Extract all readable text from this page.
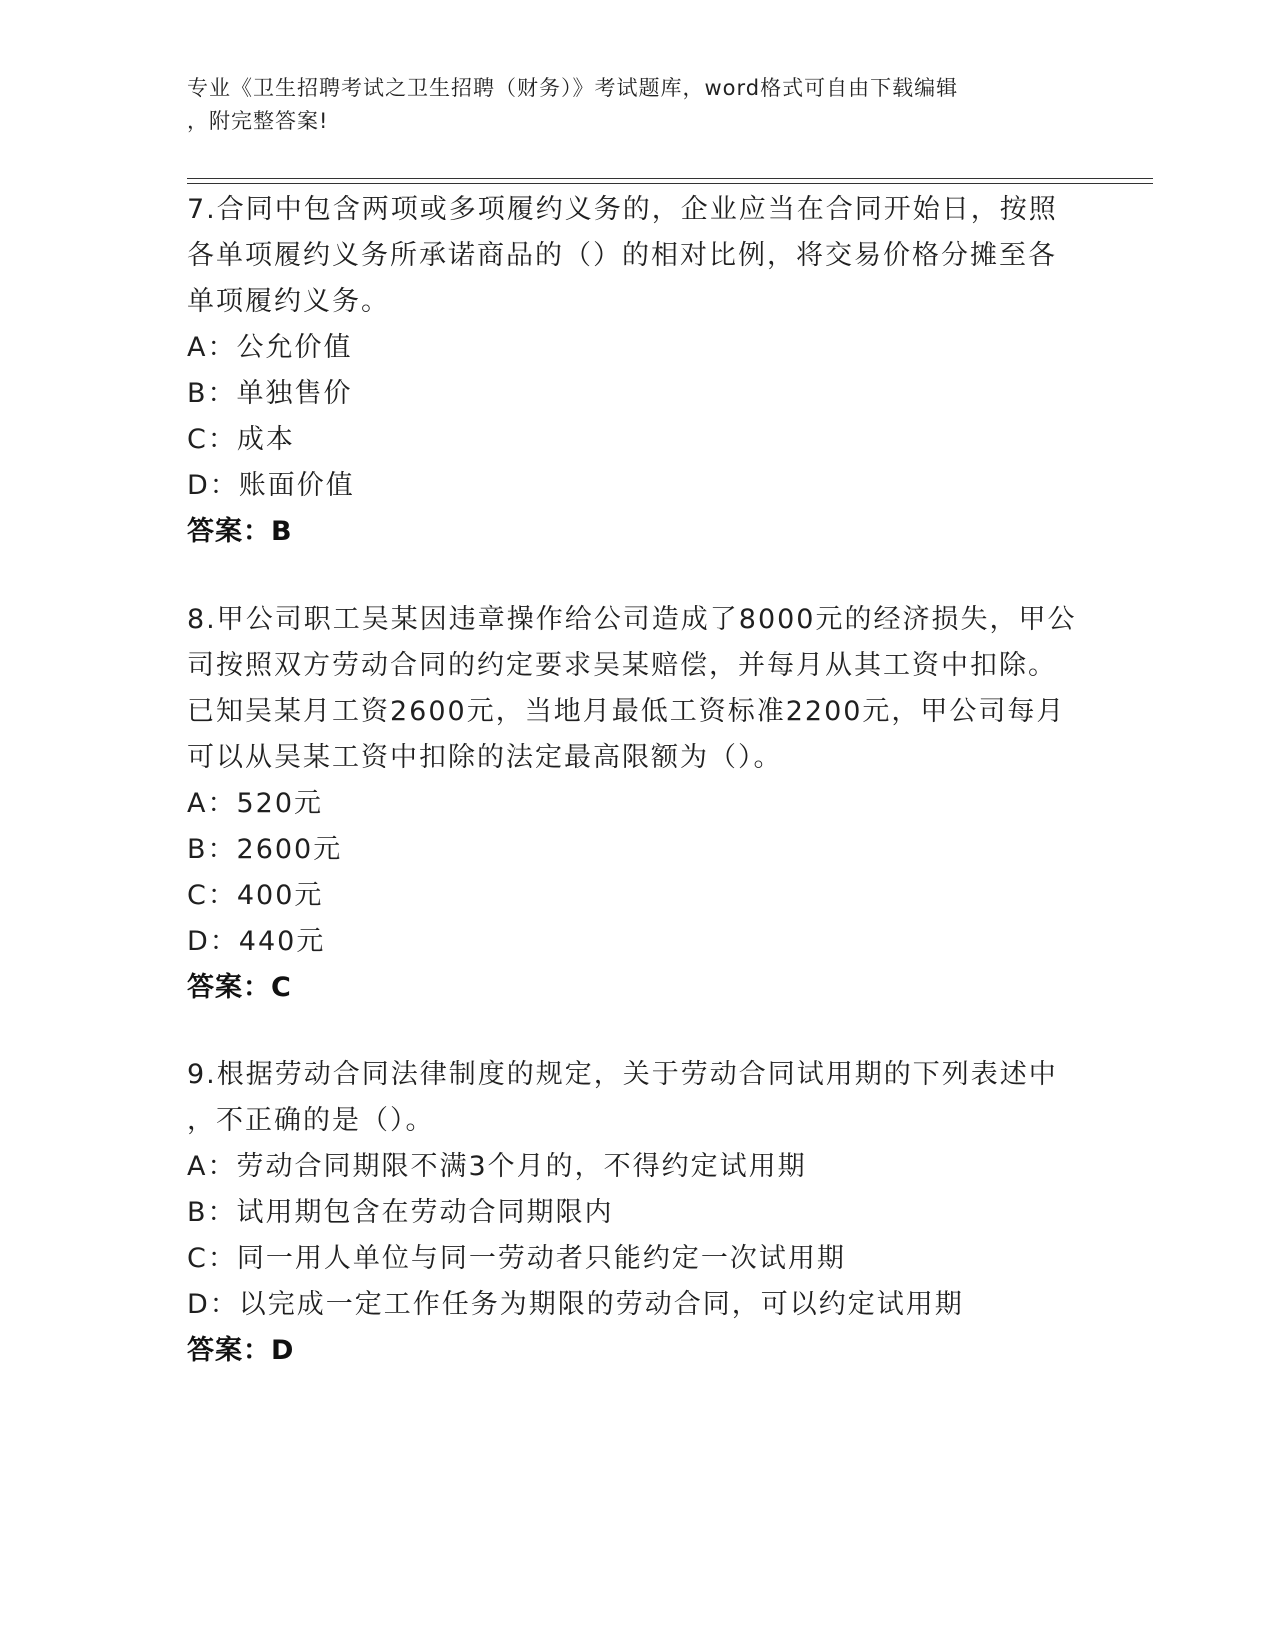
专业《卫生招聘考试之卫生招聘（财务）》考试题库，word格式可自由下载编辑
，附完整答案!
7.合同中包含两项或多项履约义务的，企业应当在合同开始日，按照
各单项履约义务所承诺商品的（）的相对比例，将交易价格分摊至各
单项履约义务。
A：公允价值
B：单独售价
C：成本
D：账面价值
答案：B
8.甲公司职工吴某因违章操作给公司造成了8000元的经济损失，甲公
司按照双方劳动合同的约定要求吴某赔偿，并每月从其工资中扣除。
已知吴某月工资2600元，当地月最低工资标准2200元，甲公司每月
可以从吴某工资中扣除的法定最高限额为（）。
A：520元
B：2600元
C：400元
D：440元
答案：C
9.根据劳动合同法律制度的规定，关于劳动合同试用期的下列表述中
，不正确的是（）。
A：劳动合同期限不满3个月的，不得约定试用期
B：试用期包含在劳动合同期限内
C：同一用人单位与同一劳动者只能约定一次试用期
D：以完成一定工作任务为期限的劳动合同，可以约定试用期
答案：D
